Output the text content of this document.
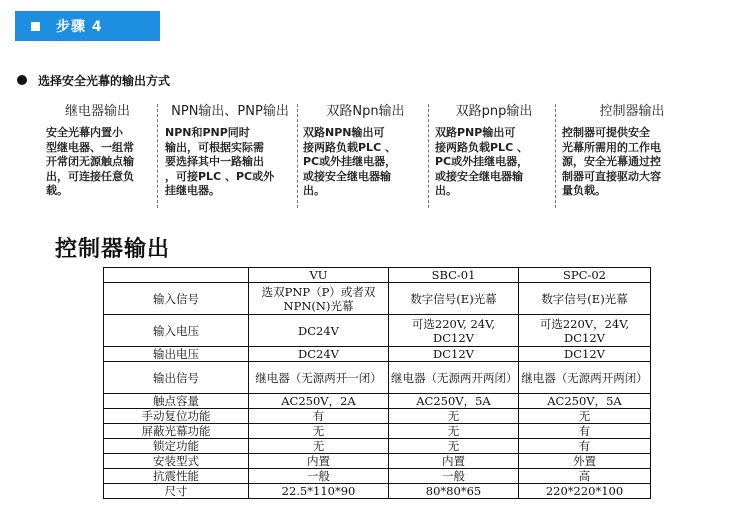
步骤 4
选择安全光幕的输出方式
继电器输出
安全光幕内置小
型继电器、一组常
开常闭无源触点输
出，可连接任意负
载。
NPN输出、PNP输出
NPN和PNP同时
输出，可根据实际需
要选择其中一路输出
，可接PLC 、PC或外
挂继电器。
双路Npn输出
双路NPN输出可
接两路负载PLC 、
PC或外挂继电器，
或接安全继电器输
出。
双路pnp输出
双路PNP输出可
接两路负载PLC 、
PC或外挂继电器，
或接安全继电器输
出。
控制器输出
控制器可提供安全
光幕所需用的工作电
源，安全光幕通过控
制器可直接驱动大容
量负载。
控制器输出
	VU	SBC-01	SPC-02
输入信号	选双PNP（P）或者双NPN(N)光幕	数字信号(E)光幕	数字信号(E)光幕
输入电压	DC24V	可选220V, 24V, DC12V	可选220V，24V, DC12V
输出电压	DC24V	DC12V	DC12V
输出信号	继电器（无源两开一闭）	继电器（无源两开两闭）	继电器（无源两开两闭）
触点容量	AC250V，2A	AC250V，5A	AC250V，5A
手动复位功能	有	无	无
屏蔽光幕功能	无	无	有
锁定功能	无	无	有
安装型式	内置	内置	外置
抗震性能	一般	一般	高
尺寸	22.5*110*90	80*80*65	220*220*100
